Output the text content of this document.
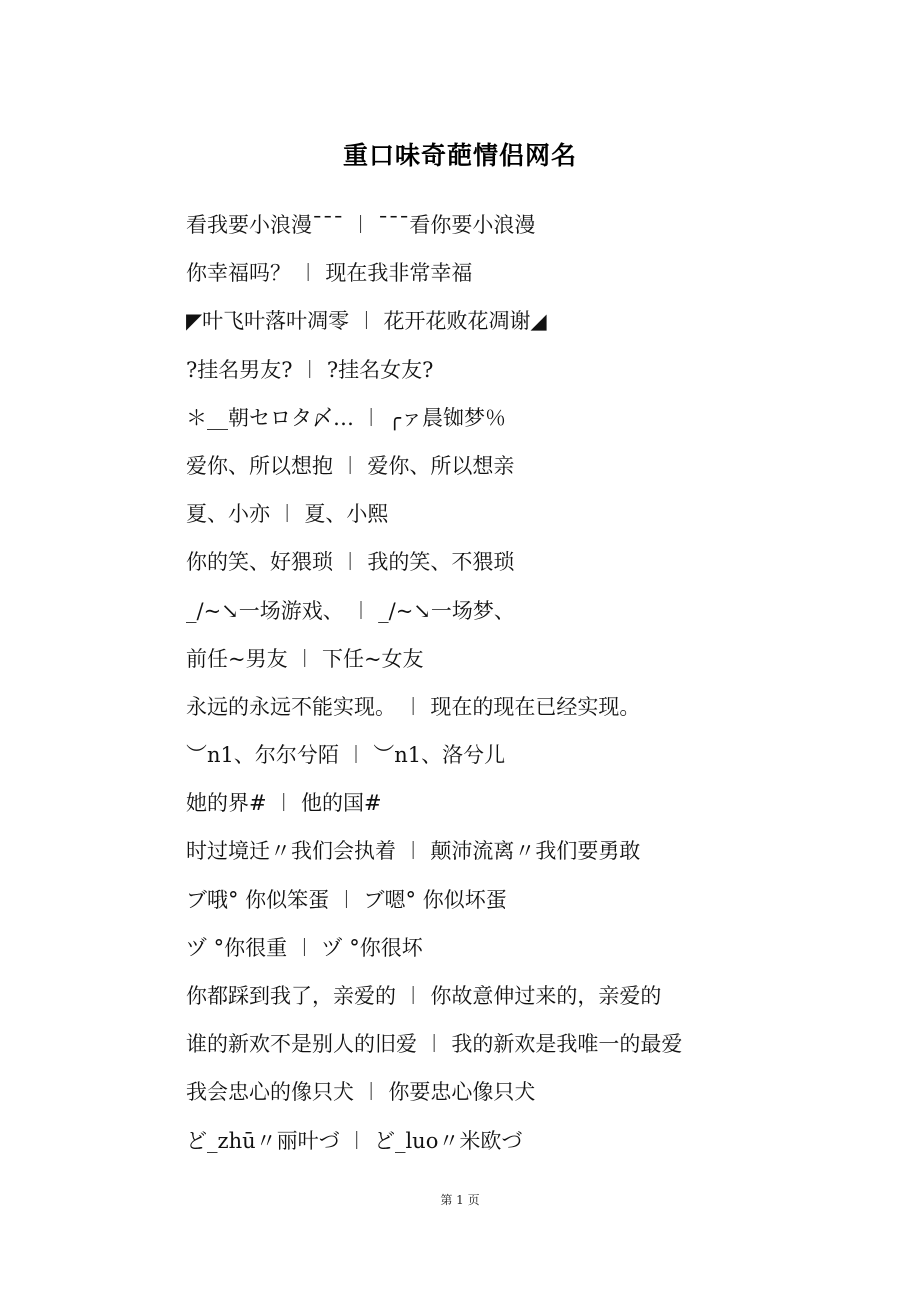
重口味奇葩情侣网名
看我要小浪漫ˉˉˉ ︱ ˉˉˉ看你要小浪漫
你幸福吗？ ︱ 现在我非常幸福
◤叶飞叶落叶凋零 ︱ 花开花败花凋谢◢
?挂名男友? ︱ ?挂名女友?
＊__朝セロタ〆… ︱ ╭ァ晨铷梦％
爱你、所以想抱 ︱ 爱你、所以想亲
夏、小亦 ︱ 夏、小熙
你的笑、好猥琐 ︱ 我的笑、不猥琐
_/~↘一场游戏、 ︱ _/~↘一场梦、
前任~男友 ︱ 下任~女友
永远的永远不能实现。 ︱ 现在的现在已经实现。
︶n1、尔尔兮陌 ︱ ︶n1、洛兮儿
她的界# ︱ 他的国#
时过境迁〃我们会执着 ︱ 颠沛流离〃我们要勇敢
ブ哦° 你似笨蛋 ︱ ブ嗯° 你似坏蛋
ヅ °你很重 ︱ ヅ °你很坏
你都踩到我了，亲爱的 ︱ 你故意伸过来的，亲爱的
谁的新欢不是别人的旧爱 ︱ 我的新欢是我唯一的最爱
我会忠心的像只犬 ︱ 你要忠心像只犬
ど_zhū〃丽叶づ ︱ ど_luo〃米欧づ
第 1 页
